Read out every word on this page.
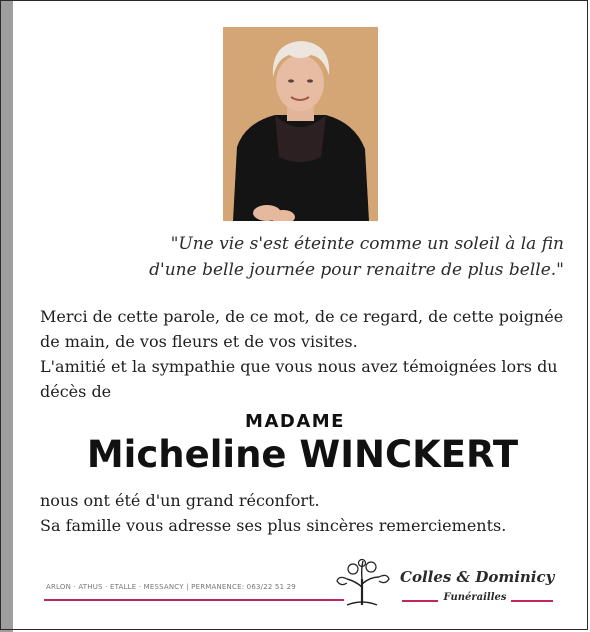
"Une vie s'est éteinte comme un soleil à la fin
d'une belle journée pour renaitre de plus belle."
Merci de cette parole, de ce mot, de ce regard, de cette poignée
de main, de vos fleurs et de vos visites.
L'amitié et la sympathie que vous nous avez témoignées lors du
décès de
MADAME
Micheline WINCKERT
nous ont été d'un grand réconfort.
Sa famille vous adresse ses plus sincères remerciements.
ARLON · ATHUS · ETALLE · MESSANCY | PERMANENCE: 063/22 51 29
Colles & Dominicy
Funérailles
